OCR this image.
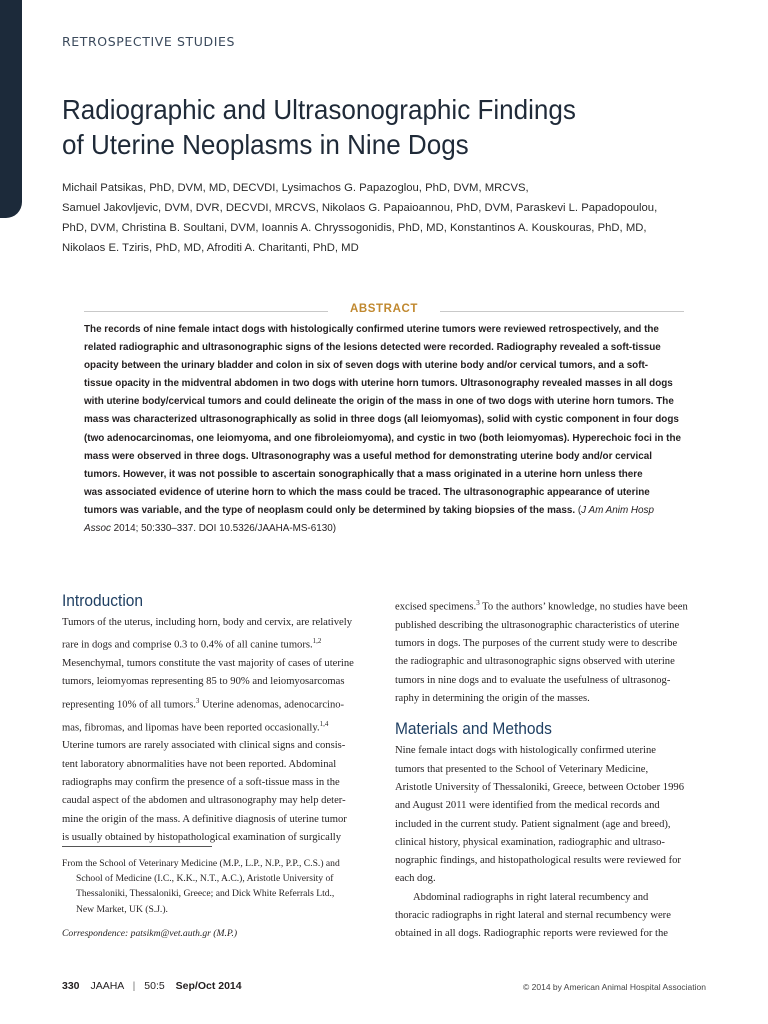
RETROSPECTIVE STUDIES
Radiographic and Ultrasonographic Findings
of Uterine Neoplasms in Nine Dogs
Michail Patsikas, PhD, DVM, MD, DECVDI, Lysimachos G. Papazoglou, PhD, DVM, MRCVS,
Samuel Jakovljevic, DVM, DVR, DECVDI, MRCVS, Nikolaos G. Papaioannou, PhD, DVM, Paraskevi L. Papadopoulou,
PhD, DVM, Christina B. Soultani, DVM, Ioannis A. Chryssogonidis, PhD, MD, Konstantinos A. Kouskouras, PhD, MD,
Nikolaos E. Tziris, PhD, MD, Afroditi A. Charitanti, PhD, MD
ABSTRACT
The records of nine female intact dogs with histologically confirmed uterine tumors were reviewed retrospectively, and the
related radiographic and ultrasonographic signs of the lesions detected were recorded. Radiography revealed a soft-tissue
opacity between the urinary bladder and colon in six of seven dogs with uterine body and/or cervical tumors, and a soft-
tissue opacity in the midventral abdomen in two dogs with uterine horn tumors. Ultrasonography revealed masses in all dogs
with uterine body/cervical tumors and could delineate the origin of the mass in one of two dogs with uterine horn tumors. The
mass was characterized ultrasonographically as solid in three dogs (all leiomyomas), solid with cystic component in four dogs
(two adenocarcinomas, one leiomyoma, and one fibroleiomyoma), and cystic in two (both leiomyomas). Hyperechoic foci in the
mass were observed in three dogs. Ultrasonography was a useful method for demonstrating uterine body and/or cervical
tumors. However, it was not possible to ascertain sonographically that a mass originated in a uterine horn unless there
was associated evidence of uterine horn to which the mass could be traced. The ultrasonographic appearance of uterine
tumors was variable, and the type of neoplasm could only be determined by taking biopsies of the mass. (J Am Anim Hosp
Assoc 2014; 50:330–337. DOI 10.5326/JAAHA-MS-6130)
Introduction
Tumors of the uterus, including horn, body and cervix, are relatively
rare in dogs and comprise 0.3 to 0.4% of all canine tumors.$^{1,2}$
Mesenchymal, tumors constitute the vast majority of cases of uterine
tumors, leiomyomas representing 85 to 90% and leiomyosarcomas
representing 10% of all tumors.$^3$ Uterine adenomas, adenocarcino-
mas, fibromas, and lipomas have been reported occasionally.$^{1,4}$
Uterine tumors are rarely associated with clinical signs and consis-
tent laboratory abnormalities have not been reported. Abdominal
radiographs may confirm the presence of a soft-tissue mass in the
caudal aspect of the abdomen and ultrasonography may help deter-
mine the origin of the mass. A definitive diagnosis of uterine tumor
is usually obtained by histopathological examination of surgically
From the School of Veterinary Medicine (M.P., L.P., N.P., P.P., C.S.) and
School of Medicine (I.C., K.K., N.T., A.C.), Aristotle University of
Thessaloniki, Thessaloniki, Greece; and Dick White Referrals Ltd.,
New Market, UK (S.J.).
Correspondence: patsikm@vet.auth.gr (M.P.)
excised specimens.$^3$ To the authors’ knowledge, no studies have been
published describing the ultrasonographic characteristics of uterine
tumors in dogs. The purposes of the current study were to describe
the radiographic and ultrasonographic signs observed with uterine
tumors in nine dogs and to evaluate the usefulness of ultrasonog-
raphy in determining the origin of the masses.
Materials and Methods
Nine female intact dogs with histologically confirmed uterine
tumors that presented to the School of Veterinary Medicine,
Aristotle University of Thessaloniki, Greece, between October 1996
and August 2011 were identified from the medical records and
included in the current study. Patient signalment (age and breed),
clinical history, physical examination, radiographic and ultraso-
nographic findings, and histopathological results were reviewed for
each dog.
Abdominal radiographs in right lateral recumbency and
thoracic radiographs in right lateral and sternal recumbency were
obtained in all dogs. Radiographic reports were reviewed for the
330 JAAHA | 50:5 Sep/Oct 2014	© 2014 by American Animal Hospital Association
